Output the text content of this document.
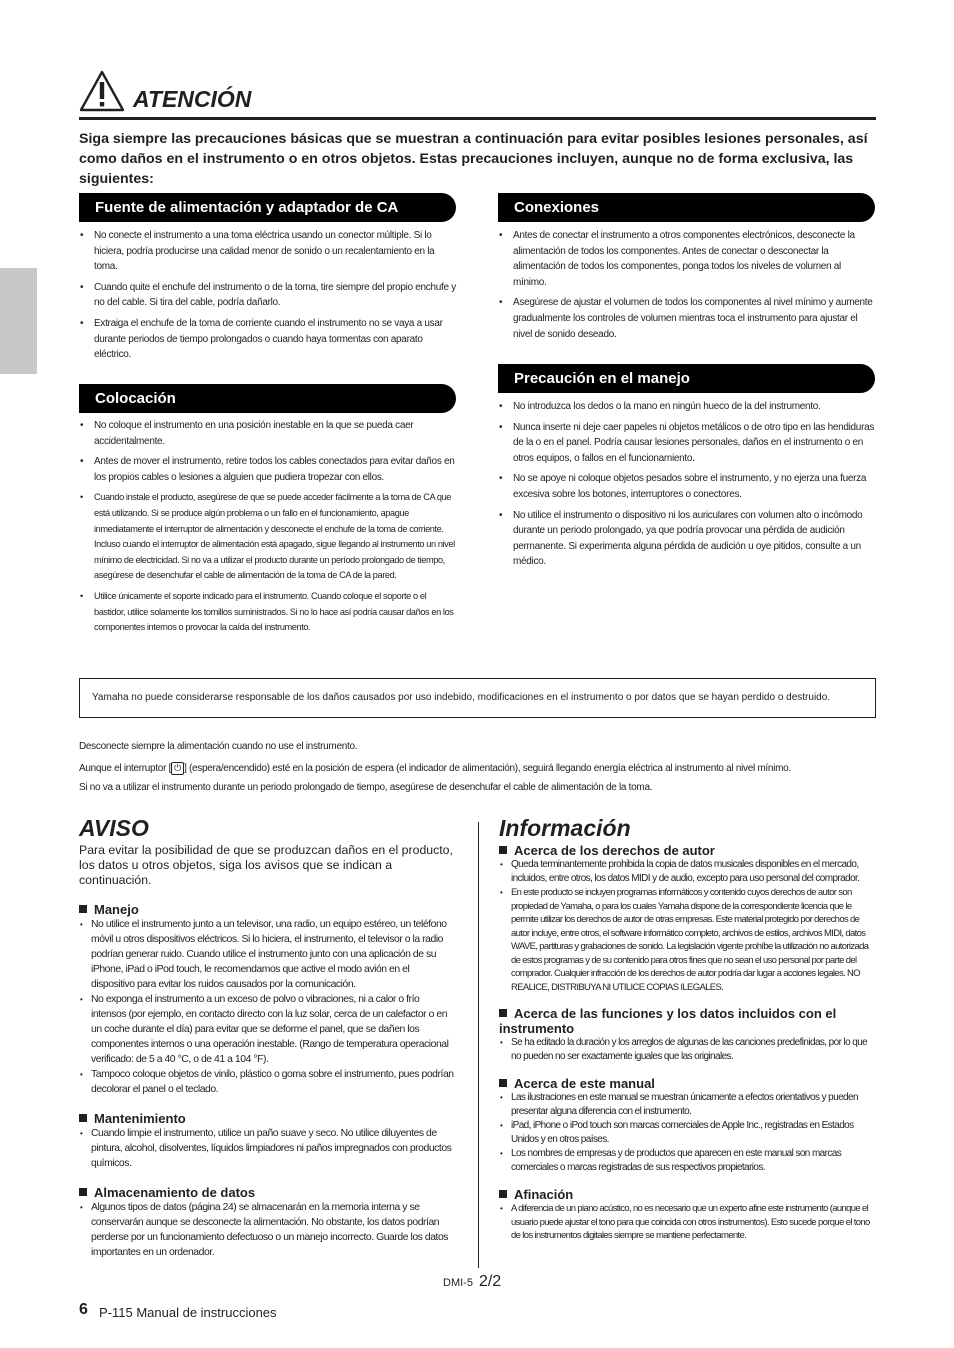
ATENCIÓN
Siga siempre las precauciones básicas que se muestran a continuación para evitar posibles lesiones personales, así como daños en el instrumento o en otros objetos. Estas precauciones incluyen, aunque no de forma exclusiva, las siguientes:
Fuente de alimentación y adaptador de CA
• No conecte el instrumento a una toma eléctrica usando un conector múltiple. Si lo hiciera, podría producirse una calidad menor de sonido o un recalentamiento en la toma.
• Cuando quite el enchufe del instrumento o de la toma, tire siempre del propio enchufe y no del cable. Si tira del cable, podría dañarlo.
• Extraiga el enchufe de la toma de corriente cuando el instrumento no se vaya a usar durante periodos de tiempo prolongados o cuando haya tormentas con aparato eléctrico.
Colocación
• No coloque el instrumento en una posición inestable en la que se pueda caer accidentalmente.
• Antes de mover el instrumento, retire todos los cables conectados para evitar daños en los propios cables o lesiones a alguien que pudiera tropezar con ellos.
• Cuando instale el producto, asegúrese de que se puede acceder fácilmente a la toma de CA que está utilizando. Si se produce algún problema o un fallo en el funcionamiento, apague inmediatamente el interruptor de alimentación y desconecte el enchufe de la toma de corriente. Incluso cuando el interruptor de alimentación está apagado, sigue llegando al instrumento un nivel mínimo de electricidad. Si no va a utilizar el producto durante un período prolongado de tiempo, asegúrese de desenchufar el cable de alimentación de la toma de CA de la pared.
• Utilice únicamente el soporte indicado para el instrumento. Cuando coloque el soporte o el bastidor, utilice solamente los tornillos suministrados. Si no lo hace así podría causar daños en los componentes internos o provocar la caída del instrumento.
Conexiones
• Antes de conectar el instrumento a otros componentes electrónicos, desconecte la alimentación de todos los componentes. Antes de conectar o desconectar la alimentación de todos los componentes, ponga todos los niveles de volumen al mínimo.
• Asegúrese de ajustar el volumen de todos los componentes al nivel mínimo y aumente gradualmente los controles de volumen mientras toca el instrumento para ajustar el nivel de sonido deseado.
Precaución en el manejo
• No introduzca los dedos o la mano en ningún hueco de la del instrumento.
• Nunca inserte ni deje caer papeles ni objetos metálicos o de otro tipo en las hendiduras de la o en el panel. Podría causar lesiones personales, daños en el instrumento o en otros equipos, o fallos en el funcionamiento.
• No se apoye ni coloque objetos pesados sobre el instrumento, y no ejerza una fuerza excesiva sobre los botones, interruptores o conectores.
• No utilice el instrumento o dispositivo ni los auriculares con volumen alto o incómodo durante un periodo prolongado, ya que podría provocar una pérdida de audición permanente. Si experimenta alguna pérdida de audición u oye pitidos, consulte a un médico.
Yamaha no puede considerarse responsable de los daños causados por uso indebido, modificaciones en el instrumento o por datos que se hayan perdido o destruido.
Desconecte siempre la alimentación cuando no use el instrumento.
Aunque el interruptor [ ⏻ ] (espera/encendido) esté en la posición de espera (el indicador de alimentación), seguirá llegando energía eléctrica al instrumento al nivel mínimo.
Si no va a utilizar el instrumento durante un periodo prolongado de tiempo, asegúrese de desenchufar el cable de alimentación de la toma.
AVISO
Para evitar la posibilidad de que se produzcan daños en el producto, los datos u otros objetos, siga los avisos que se indican a continuación.
Manejo
• No utilice el instrumento junto a un televisor, una radio, un equipo estéreo, un teléfono móvil u otros dispositivos eléctricos. Si lo hiciera, el instrumento, el televisor o la radio podrían generar ruido. Cuando utilice el instrumento junto con una aplicación de su iPhone, iPad o iPod touch, le recomendamos que active el modo avión en el dispositivo para evitar los ruidos causados por la comunicación.
• No exponga el instrumento a un exceso de polvo o vibraciones, ni a calor o frío intensos (por ejemplo, en contacto directo con la luz solar, cerca de un calefactor o en un coche durante el día) para evitar que se deforme el panel, que se dañen los componentes internos o una operación inestable. (Rango de temperatura operacional verificado: de 5 a 40 °C, o de 41 a 104 °F).
• Tampoco coloque objetos de vinilo, plástico o goma sobre el instrumento, pues podrían decolorar el panel o el teclado.
Mantenimiento
• Cuando limpie el instrumento, utilice un paño suave y seco. No utilice diluyentes de pintura, alcohol, disolventes, líquidos limpiadores ni paños impregnados con productos químicos.
Almacenamiento de datos
• Algunos tipos de datos (página 24) se almacenarán en la memoria interna y se conservarán aunque se desconecte la alimentación. No obstante, los datos podrían perderse por un funcionamiento defectuoso o un manejo incorrecto. Guarde los datos importantes en un ordenador.
Información
Acerca de los derechos de autor
• Queda terminantemente prohibida la copia de datos musicales disponibles en el mercado, incluidos, entre otros, los datos MIDI y de audio, excepto para uso personal del comprador.
• En este producto se incluyen programas informáticos y contenido cuyos derechos de autor son propiedad de Yamaha, o para los cuales Yamaha dispone de la correspondiente licencia que le permite utilizar los derechos de autor de otras empresas. Este material protegido por derechos de autor incluye, entre otros, el software informático completo, archivos de estilos, archivos MIDI, datos WAVE, partituras y grabaciones de sonido. La legislación vigente prohíbe la utilización no autorizada de estos programas y de su contenido para otros fines que no sean el uso personal por parte del comprador. Cualquier infracción de los derechos de autor podría dar lugar a acciones legales. NO REALICE, DISTRIBUYA NI UTILICE COPIAS ILEGALES.
Acerca de las funciones y los datos incluidos con el instrumento
• Se ha editado la duración y los arreglos de algunas de las canciones predefinidas, por lo que no pueden no ser exactamente iguales que las originales.
Acerca de este manual
• Las ilustraciones en este manual se muestran únicamente a efectos orientativos y pueden presentar alguna diferencia con el instrumento.
• iPad, iPhone o iPod touch son marcas comerciales de Apple Inc., registradas en Estados Unidos y en otros países.
• Los nombres de empresas y de productos que aparecen en este manual son marcas comerciales o marcas registradas de sus respectivos propietarios.
Afinación
• A diferencia de un piano acústico, no es necesario que un experto afine este instrumento (aunque el usuario puede ajustar el tono para que coincida con otros instrumentos). Esto sucede porque el tono de los instrumentos digitales siempre se mantiene perfectamente.
DMI-5 2/2
6 P-115 Manual de instrucciones
